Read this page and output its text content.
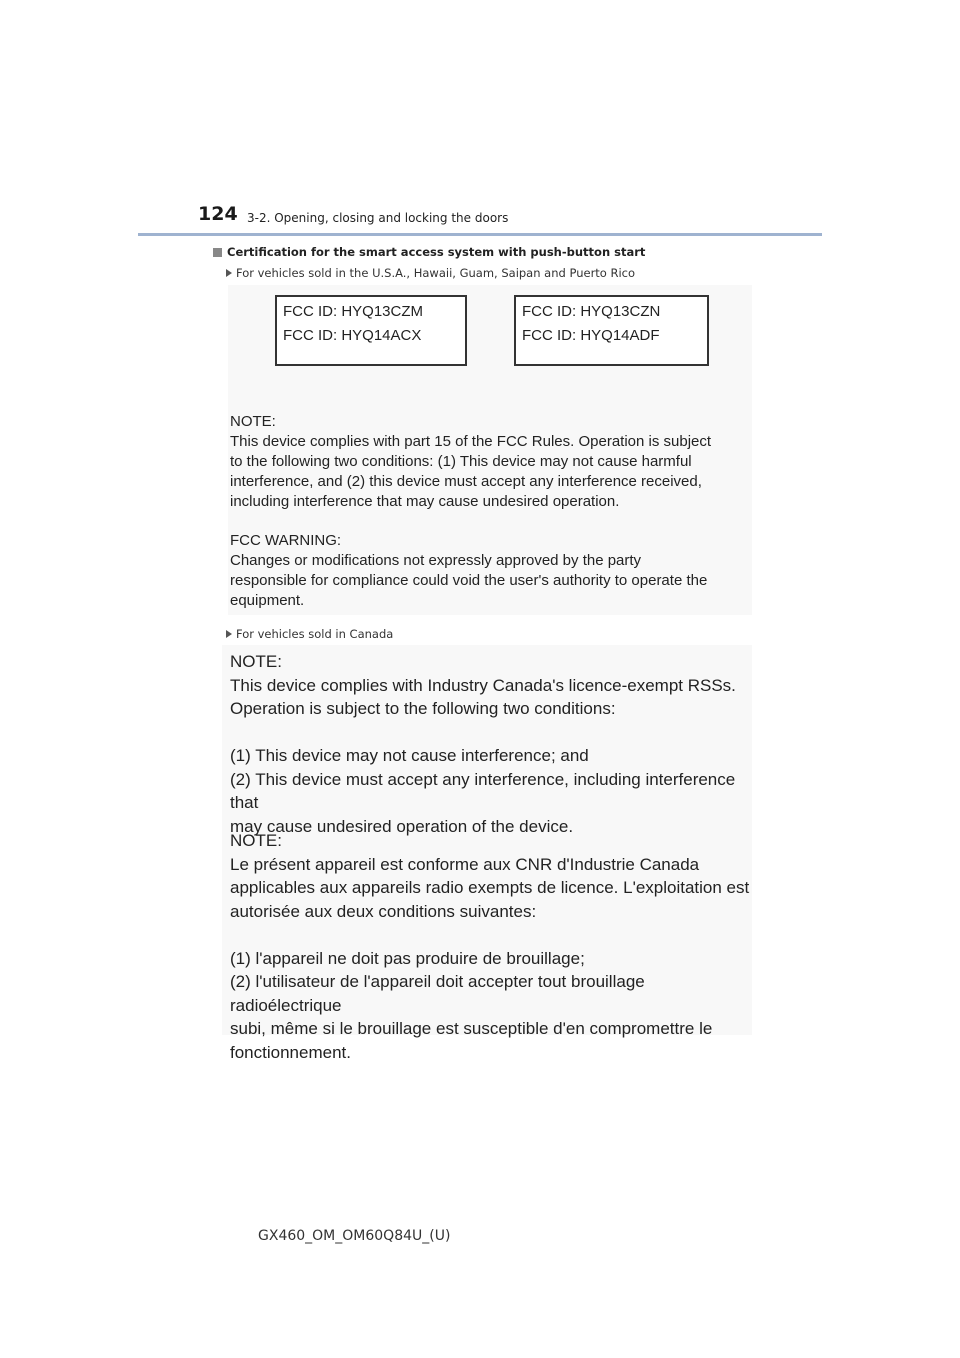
124 3-2. Opening, closing and locking the doors
Certification for the smart access system with push-button start
For vehicles sold in the U.S.A., Hawaii, Guam, Saipan and Puerto Rico
FCC ID: HYQ13CZM
FCC ID: HYQ14ACX
FCC ID: HYQ13CZN
FCC ID: HYQ14ADF

NOTE:
This device complies with part 15 of the FCC Rules. Operation is subject
to the following two conditions: (1) This device may not cause harmful
interference, and (2) this device must accept any interference received,
including interference that may cause undesired operation.

FCC WARNING:
Changes or modifications not expressly approved by the party
responsible for compliance could void the user's authority to operate the
equipment.

For vehicles sold in Canada

NOTE:
This device complies with Industry Canada's licence-exempt RSSs.
Operation is subject to the following two conditions:

(1) This device may not cause interference; and
(2) This device must accept any interference, including interference that
may cause undesired operation of the device.

NOTE:
Le présent appareil est conforme aux CNR d'Industrie Canada
applicables aux appareils radio exempts de licence. L'exploitation est
autorisée aux deux conditions suivantes:

(1) l'appareil ne doit pas produire de brouillage;
(2) l'utilisateur de l'appareil doit accepter tout brouillage radioélectrique
subi, même si le brouillage est susceptible d'en compromettre le
fonctionnement.

GX460_OM_OM60Q84U_(U)
